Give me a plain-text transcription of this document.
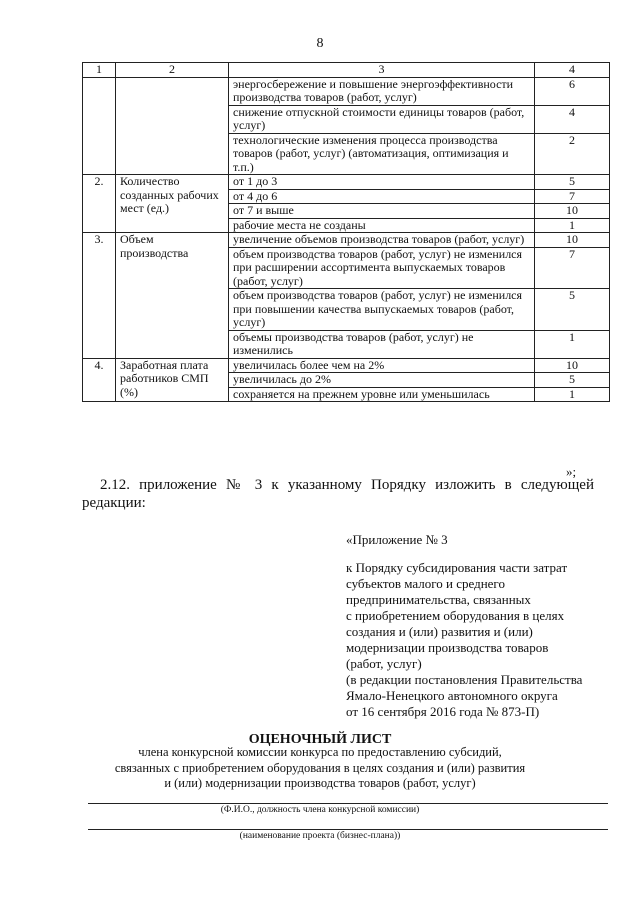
8
1	2	3	4
		энергосбережение и повышение энергоэффективности производства товаров (работ, услуг)	6
		снижение отпускной стоимости единицы товаров (работ, услуг)	4
		технологические изменения процесса производства товаров (работ, услуг) (автоматизация, оптимизация и т.п.)	2
2.	Количество созданных рабочих мест (ед.)	от 1 до 3	5
		от 4 до 6	7
		от 7 и выше	10
		рабочие места не созданы	1
3.	Объем производства	увеличение объемов производства товаров (работ, услуг)	10
		объем производства товаров (работ, услуг) не изменился при расширении ассортимента выпускаемых товаров (работ, услуг)	7
		объем производства товаров (работ, услуг) не изменился при повышении качества выпускаемых товаров (работ, услуг)	5
		объемы производства товаров (работ, услуг) не изменились	1
4.	Заработная плата работников СМП (%)	увеличилась более чем на 2%	10
		увеличилась до 2%	5
		сохраняется на прежнем уровне или уменьшилась	1
»;
2.12. приложение № 3 к указанному Порядку изложить в следующей редакции:
«Приложение № 3
к Порядку субсидирования части затрат
субъектов малого и среднего
предпринимательства, связанных
с приобретением оборудования в целях
создания и (или) развития и (или)
модернизации производства товаров
(работ, услуг)
(в редакции постановления Правительства
Ямало-Ненецкого автономного округа
от 16 сентября 2016 года № 873-П)
ОЦЕНОЧНЫЙ ЛИСТ
члена конкурсной комиссии конкурса по предоставлению субсидий,
связанных с приобретением оборудования в целях создания и (или) развития
и (или) модернизации производства товаров (работ, услуг)
(Ф.И.О., должность члена конкурсной комиссии)
(наименование проекта (бизнес-плана))
